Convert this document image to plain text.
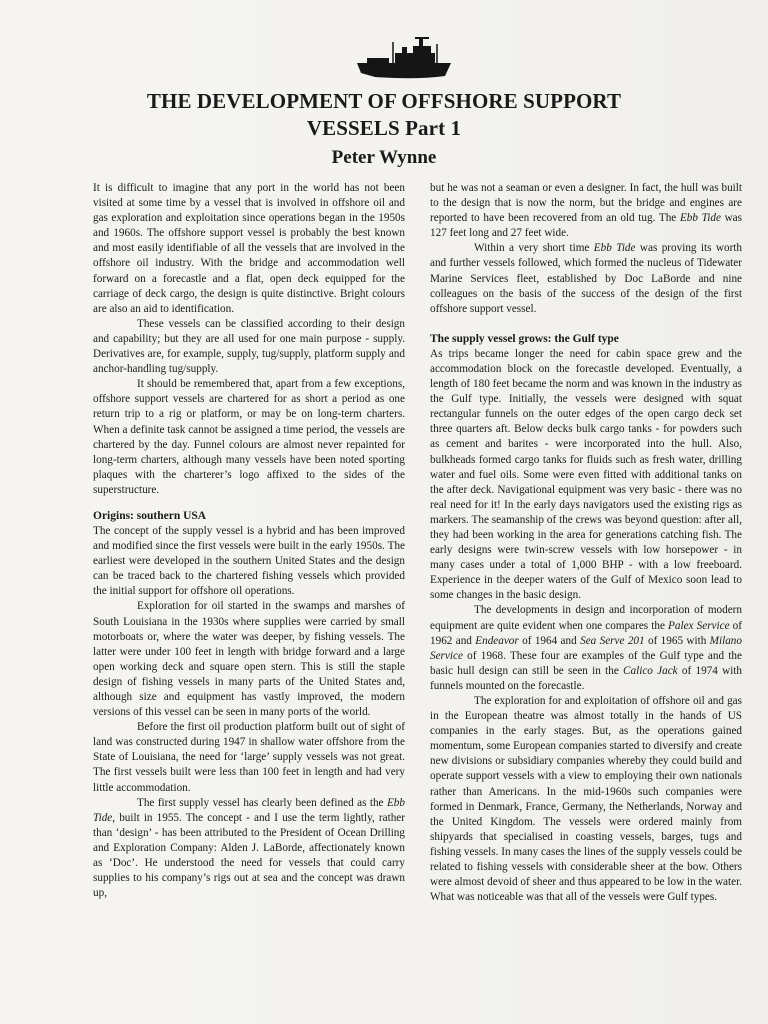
THE DEVELOPMENT OF OFFSHORE SUPPORT
VESSELS Part 1
Peter Wynne

It is difficult to imagine that any port in the world has not been visited at some time by a vessel that is involved in offshore oil and gas exploration and exploitation since operations began in the 1950s and 1960s. The offshore support vessel is probably the best known and most easily identifiable of all the vessels that are involved in the offshore oil industry. With the bridge and accommodation well forward on a forecastle and a flat, open deck equipped for the carriage of deck cargo, the design is quite distinctive. Bright colours are also an aid to identification.

These vessels can be classified according to their design and capability; but they are all used for one main purpose - supply. Derivatives are, for example, supply, tug/supply, platform supply and anchor-handling tug/supply.

It should be remembered that, apart from a few exceptions, offshore support vessels are chartered for as short a period as one return trip to a rig or platform, or may be on long-term charters. When a definite task cannot be assigned a time period, the vessels are chartered by the day. Funnel colours are almost never repainted for long-term charters, although many vessels have been noted sporting plaques with the charterer’s logo affixed to the sides of the superstructure.

Origins: southern USA

The concept of the supply vessel is a hybrid and has been improved and modified since the first vessels were built in the early 1950s. The earliest were developed in the southern United States and the design can be traced back to the chartered fishing vessels which provided the initial support for offshore oil operations.

Exploration for oil started in the swamps and marshes of South Louisiana in the 1930s where supplies were carried by small motorboats or, where the water was deeper, by fishing vessels. The latter were under 100 feet in length with bridge forward and a large open working deck and square open stern. This is still the staple design of fishing vessels in many parts of the United States and, although size and equipment has vastly improved, the modern versions of this vessel can be seen in many ports of the world.

Before the first oil production platform built out of sight of land was constructed during 1947 in shallow water offshore from the State of Louisiana, the need for ‘large’ supply vessels was not great. The first vessels built were less than 100 feet in length and had very little accommodation.

The first supply vessel has clearly been defined as the Ebb Tide, built in 1955. The concept - and I use the term lightly, rather than ‘design’ - has been attributed to the President of Ocean Drilling and Exploration Company: Alden J. LaBorde, affectionately known as ‘Doc’. He understood the need for vessels that could carry supplies to his company’s rigs out at sea and the concept was drawn up,

but he was not a seaman or even a designer. In fact, the hull was built to the design that is now the norm, but the bridge and engines are reported to have been recovered from an old tug. The Ebb Tide was 127 feet long and 27 feet wide.

Within a very short time Ebb Tide was proving its worth and further vessels followed, which formed the nucleus of Tidewater Marine Services fleet, established by Doc LaBorde and nine colleagues on the basis of the success of the design of the first offshore support vessel.

The supply vessel grows: the Gulf type

As trips became longer the need for cabin space grew and the accommodation block on the forecastle developed. Eventually, a length of 180 feet became the norm and was known in the industry as the Gulf type. Initially, the vessels were designed with squat rectangular funnels on the outer edges of the open cargo deck set three quarters aft. Below decks bulk cargo tanks - for powders such as cement and barites - were incorporated into the hull. Also, bulkheads formed cargo tanks for fluids such as fresh water, drilling water and fuel oils. Some were even fitted with additional tanks on the after deck. Navigational equipment was very basic - there was no real need for it! In the early days navigators used the existing rigs as markers. The seamanship of the crews was beyond question: after all, they had been working in the area for generations catching fish. The early designs were twin-screw vessels with low horsepower - in many cases under a total of 1,000 BHP - with a low freeboard. Experience in the deeper waters of the Gulf of Mexico soon lead to some changes in the basic design.

The developments in design and incorporation of modern equipment are quite evident when one compares the Palex Service of 1962 and Endeavor of 1964 and Sea Serve 201 of 1965 with Milano Service of 1968. These four are examples of the Gulf type and the basic hull design can still be seen in the Calico Jack of 1974 with funnels mounted on the forecastle.

The exploration for and exploitation of offshore oil and gas in the European theatre was almost totally in the hands of US companies in the early stages. But, as the operations gained momentum, some European companies started to diversify and create new divisions or subsidiary companies whereby they could build and operate support vessels with a view to employing their own nationals rather than Americans. In the mid-1960s such companies were formed in Denmark, France, Germany, the Netherlands, Norway and the United Kingdom. The vessels were ordered mainly from shipyards that specialised in coasting vessels, barges, tugs and fishing vessels. In many cases the lines of the supply vessels could be related to fishing vessels with considerable sheer at the bow. Others were almost devoid of sheer and thus appeared to be low in the water. What was noticeable was that all of the vessels were Gulf types.
